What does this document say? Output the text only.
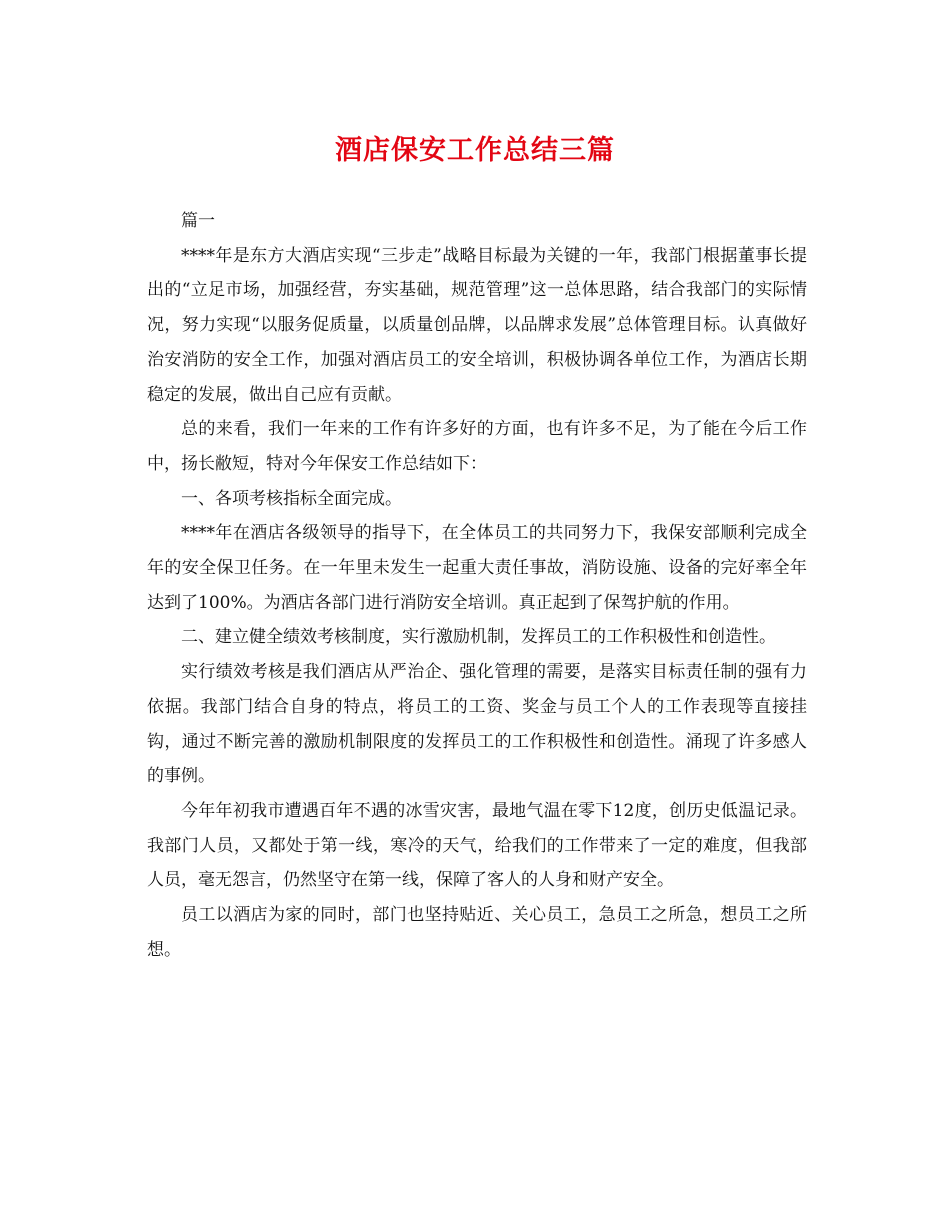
酒店保安工作总结三篇

篇一

****年是东方大酒店实现“三步走”战略目标最为关键的一年，我部门根据董事长提出的“立足市场，加强经营，夯实基础，规范管理”这一总体思路，结合我部门的实际情况，努力实现“以服务促质量，以质量创品牌，以品牌求发展”总体管理目标。认真做好治安消防的安全工作，加强对酒店员工的安全培训，积极协调各单位工作，为酒店长期稳定的发展，做出自己应有贡献。

总的来看，我们一年来的工作有许多好的方面，也有许多不足，为了能在今后工作中，扬长敝短，特对今年保安工作总结如下：

一、各项考核指标全面完成。

****年在酒店各级领导的指导下，在全体员工的共同努力下，我保安部顺利完成全年的安全保卫任务。在一年里未发生一起重大责任事故，消防设施、设备的完好率全年达到了100%。为酒店各部门进行消防安全培训。真正起到了保驾护航的作用。

二、建立健全绩效考核制度，实行激励机制，发挥员工的工作积极性和创造性。

实行绩效考核是我们酒店从严治企、强化管理的需要，是落实目标责任制的强有力依据。我部门结合自身的特点，将员工的工资、奖金与员工个人的工作表现等直接挂钩，通过不断完善的激励机制限度的发挥员工的工作积极性和创造性。涌现了许多感人的事例。

今年年初我市遭遇百年不遇的冰雪灾害，最地气温在零下12度，创历史低温记录。我部门人员，又都处于第一线，寒冷的天气，给我们的工作带来了一定的难度，但我部人员，毫无怨言，仍然坚守在第一线，保障了客人的人身和财产安全。

员工以酒店为家的同时，部门也坚持贴近、关心员工，急员工之所急，想员工之所想。
